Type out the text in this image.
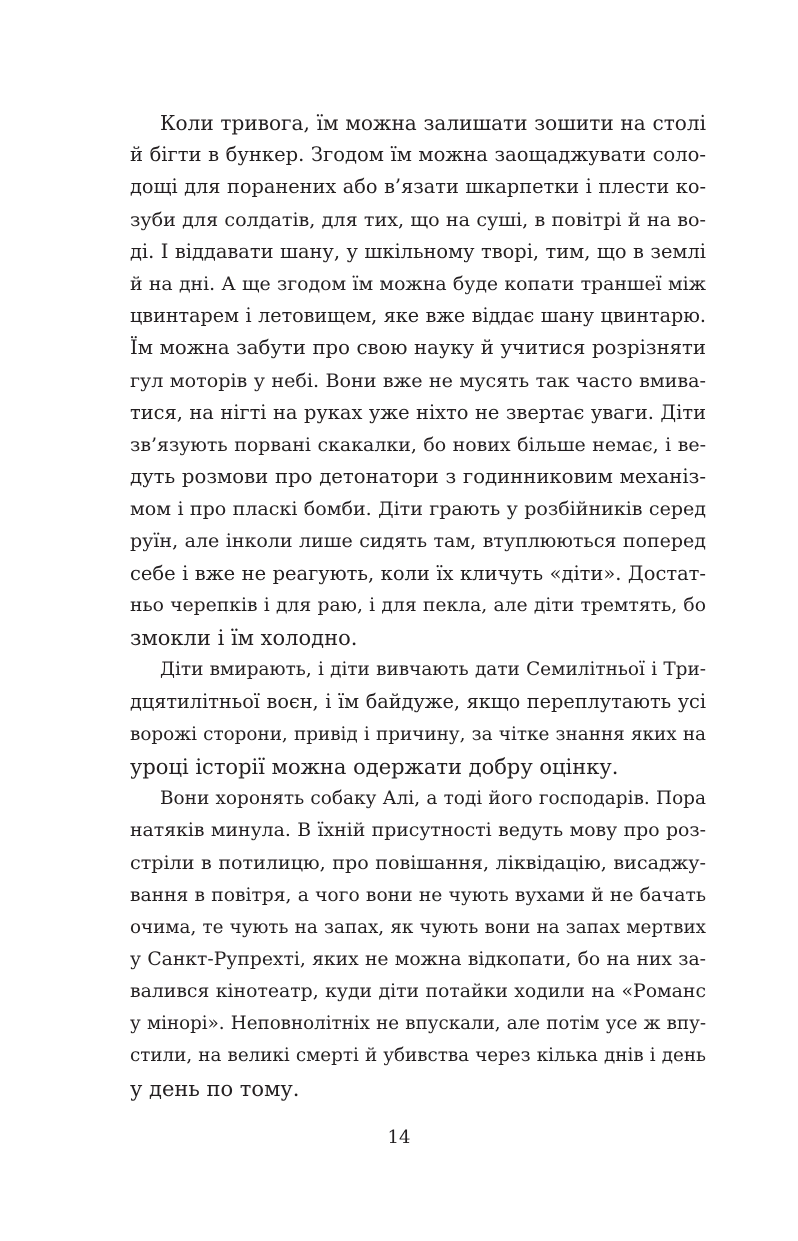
Коли тривога, їм можна залишати зошити на столі
й бігти в бункер. Згодом їм можна заощаджувати соло-
дощі для поранених або в’язати шкарпетки і плести ко-
зуби для солдатів, для тих, що на суші, в повітрі й на во-
ді. І віддавати шану, у шкільному творі, тим, що в землі
й на дні. А ще згодом їм можна буде копати траншеї між
цвинтарем і летовищем, яке вже віддає шану цвинтарю.
Їм можна забути про свою науку й учитися розрізняти
гул моторів у небі. Вони вже не мусять так часто вмива-
тися, на нігті на руках уже ніхто не звертає уваги. Діти
зв’язують порвані скакалки, бо нових більше немає, і ве-
дуть розмови про детонатори з годинниковим механіз-
мом і про пласкі бомби. Діти грають у розбійників серед
руїн, але інколи лише сидять там, втуплюються поперед
себе і вже не реагують, коли їх кличуть «діти». Достат-
ньо черепків і для раю, і для пекла, але діти тремтять, бо
змокли і їм холодно.
Діти вмирають, і діти вивчають дати Семилітньої і Три-
дцятилітньої воєн, і їм байдуже, якщо переплутають усі
ворожі сторони, привід і причину, за чітке знання яких на
уроці історії можна одержати добру оцінку.
Вони хоронять собаку Алі, а тоді його господарів. Пора
натяків минула. В їхній присутності ведуть мову про роз-
стріли в потилицю, про повішання, ліквідацію, висаджу-
вання в повітря, а чого вони не чують вухами й не бачать
очима, те чують на запах, як чують вони на запах мертвих
у Санкт-Рупрехті, яких не можна відкопати, бо на них за-
валився кінотеатр, куди діти потайки ходили на «Романс
у мінорі». Неповнолітніх не впускали, але потім усе ж впу-
стили, на великі смерті й убивства через кілька днів і день
у день по тому.
14
